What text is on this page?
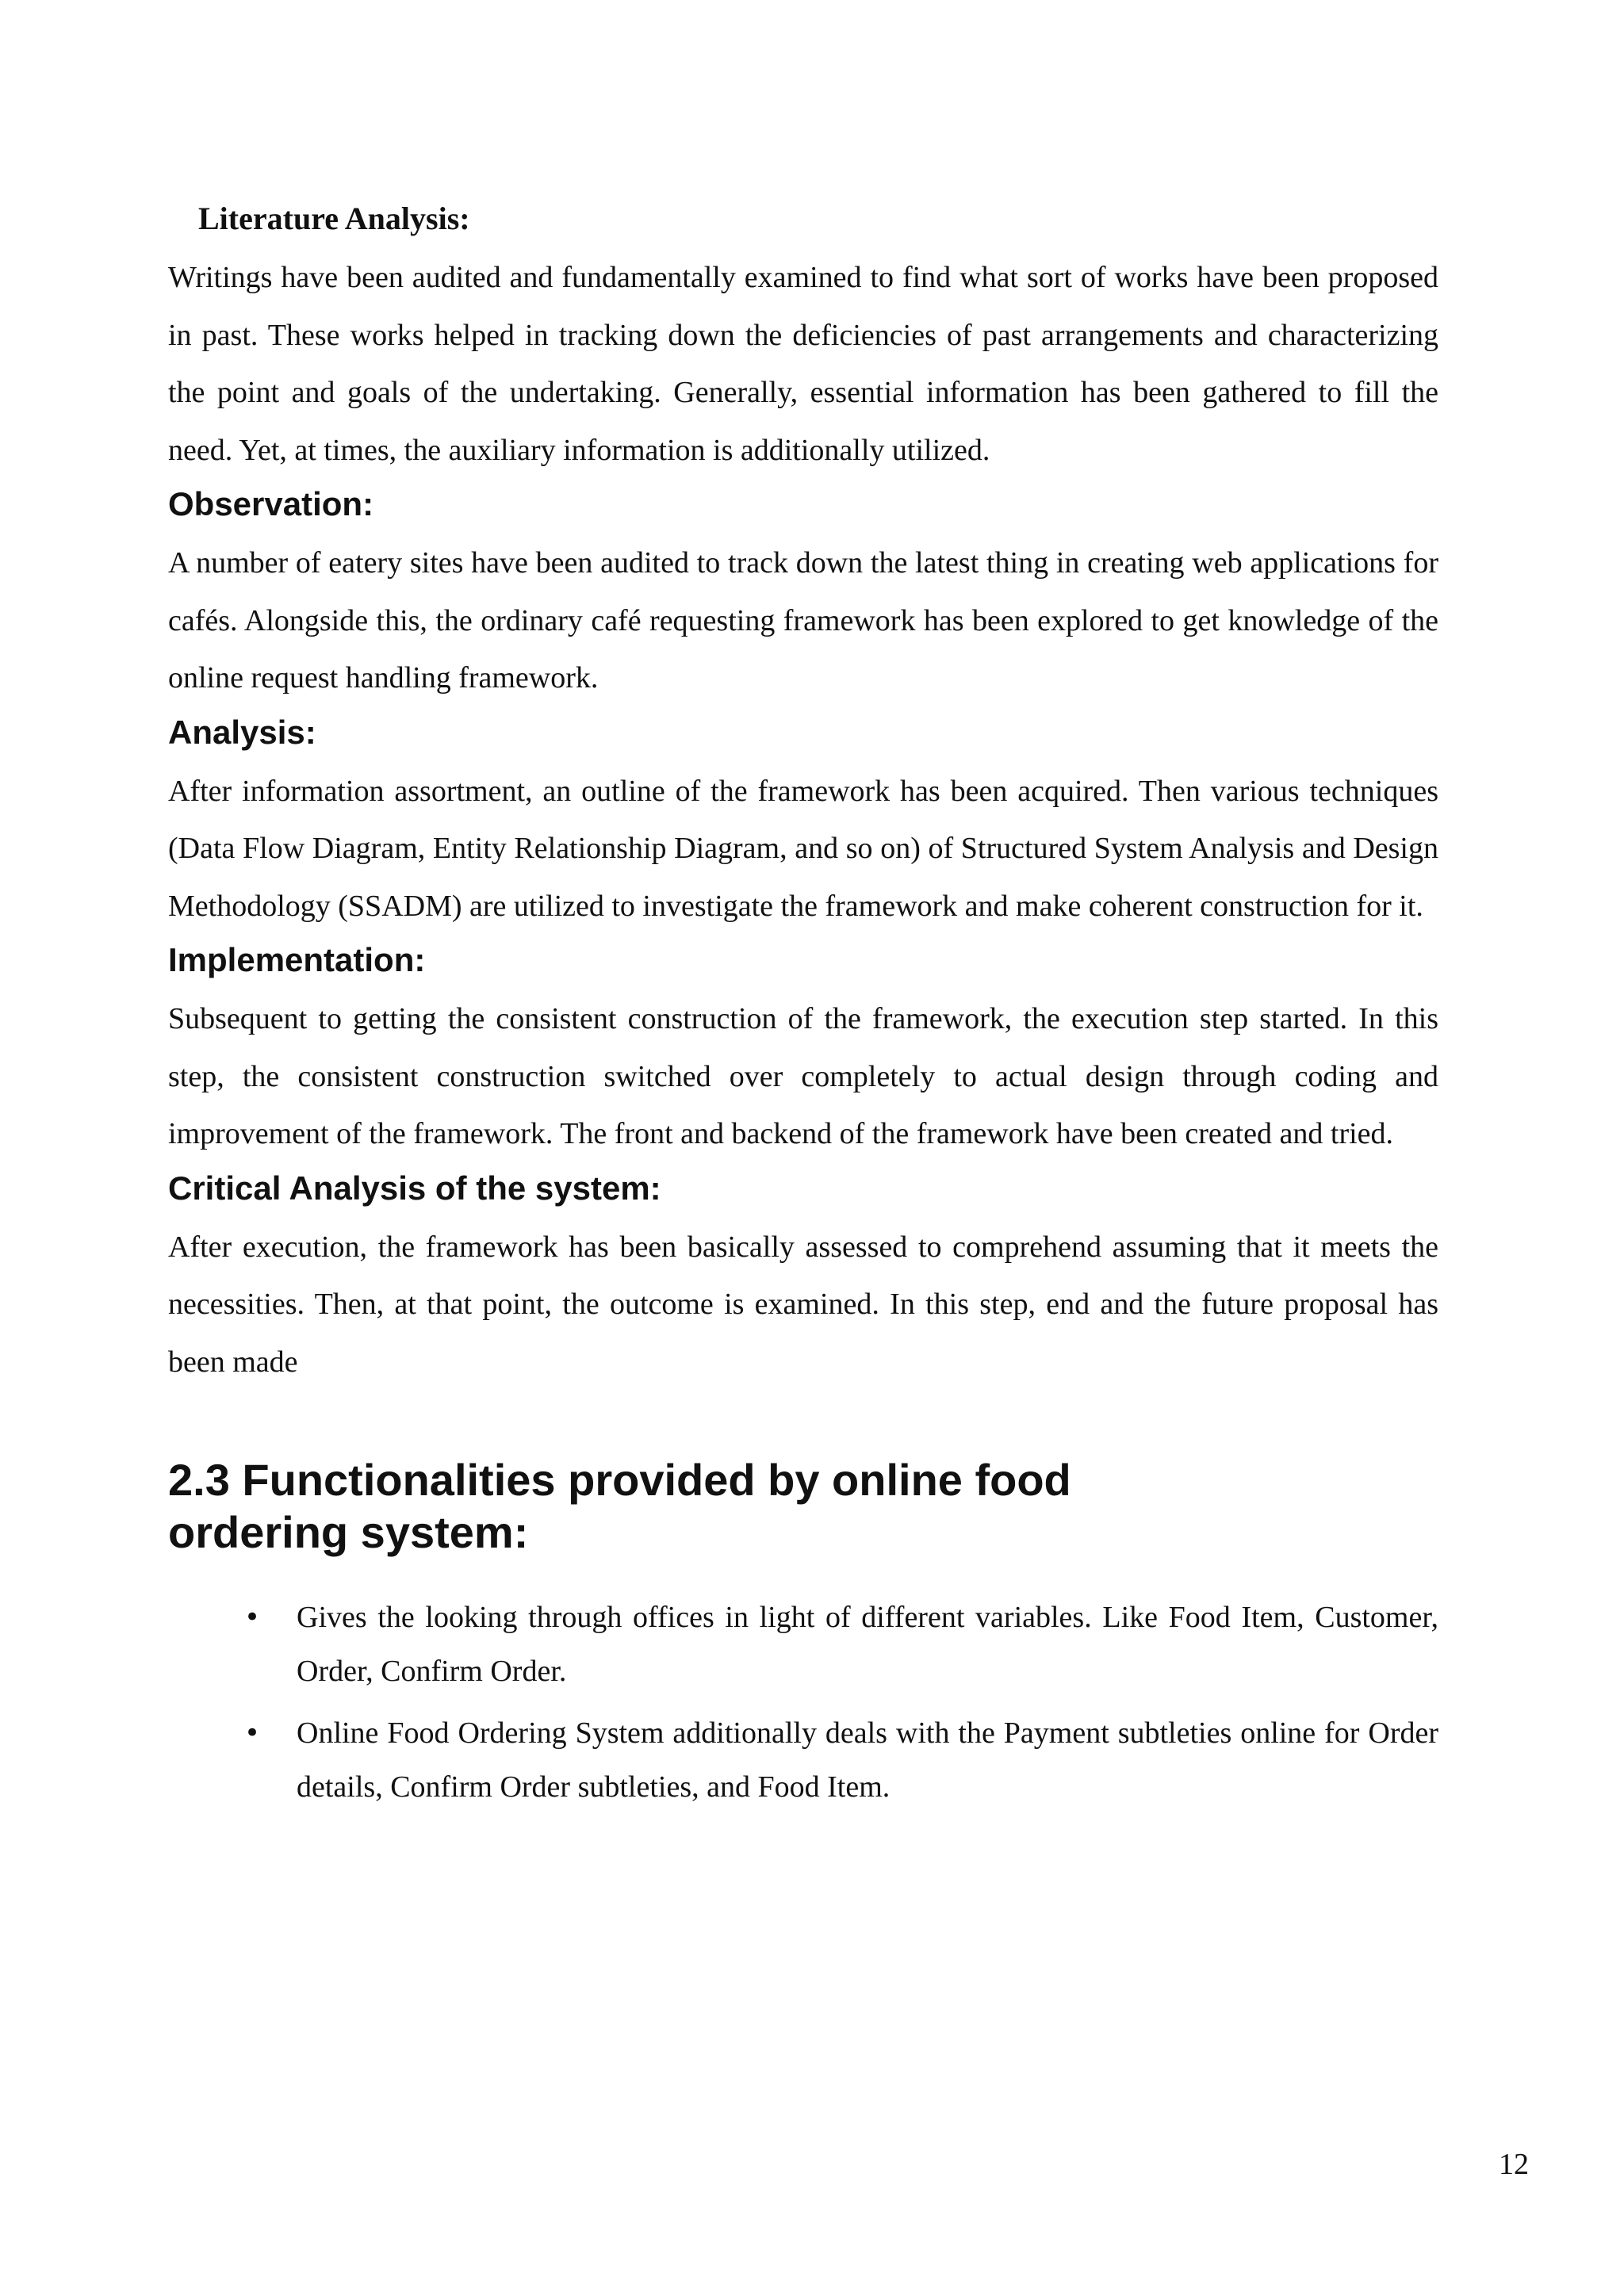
Literature Analysis:

Writings have been audited and fundamentally examined to find what sort of works have been proposed in past. These works helped in tracking down the deficiencies of past arrangements and characterizing the point and goals of the undertaking. Generally, essential information has been gathered to fill the need. Yet, at times, the auxiliary information is additionally utilized.

Observation:

A number of eatery sites have been audited to track down the latest thing in creating web applications for cafés. Alongside this, the ordinary café requesting framework has been explored to get knowledge of the online request handling framework.

Analysis:

After information assortment, an outline of the framework has been acquired. Then various techniques (Data Flow Diagram, Entity Relationship Diagram, and so on) of Structured System Analysis and Design Methodology (SSADM) are utilized to investigate the framework and make coherent construction for it.

Implementation:

Subsequent to getting the consistent construction of the framework, the execution step started. In this step, the consistent construction switched over completely to actual design through coding and improvement of the framework. The front and backend of the framework have been created and tried.

Critical Analysis of the system:

After execution, the framework has been basically assessed to comprehend assuming that it meets the necessities. Then, at that point, the outcome is examined. In this step, end and the future proposal has been made

2.3 Functionalities provided by online food ordering system:
• Gives the looking through offices in light of different variables. Like Food Item, Customer, Order, Confirm Order.
• Online Food Ordering System additionally deals with the Payment subtleties online for Order details, Confirm Order subtleties, and Food Item.
12
